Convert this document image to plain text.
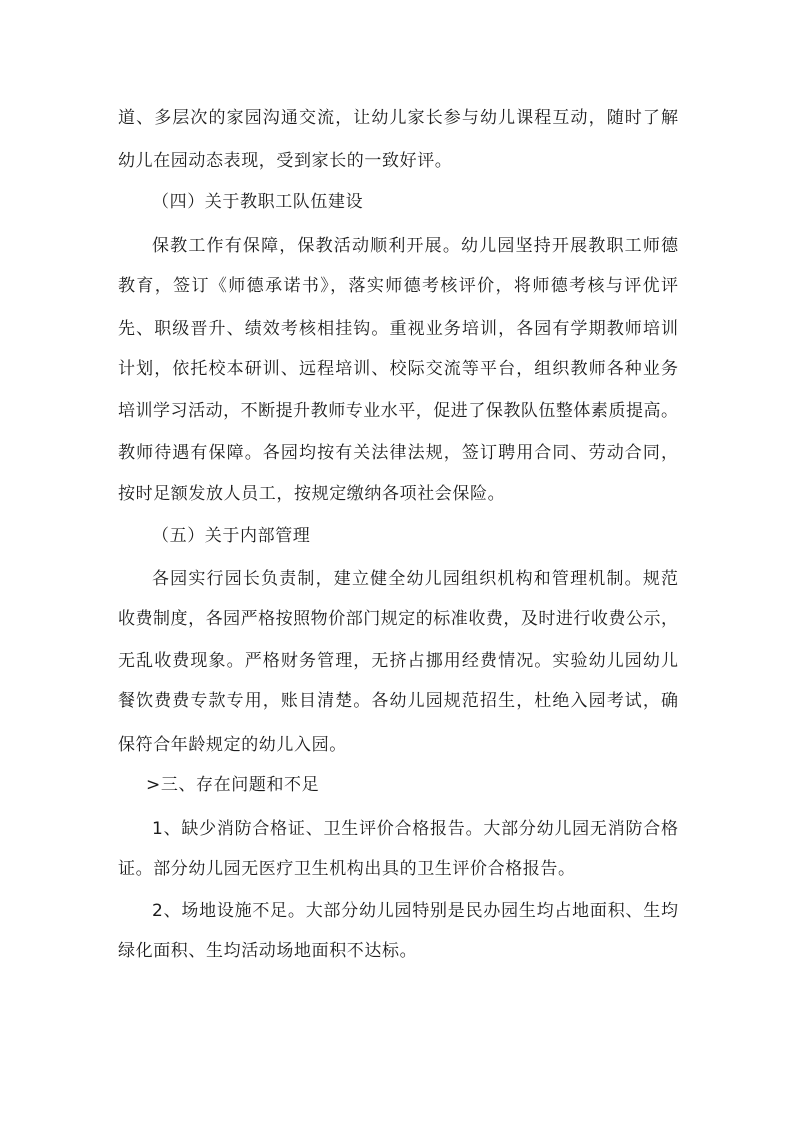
道、多层次的家园沟通交流，让幼儿家长参与幼儿课程互动，随时了解
幼儿在园动态表现，受到家长的一致好评。
（四）关于教职工队伍建设
保教工作有保障，保教活动顺利开展。幼儿园坚持开展教职工师德
教育，签订《师德承诺书》，落实师德考核评价，将师德考核与评优评
先、职级晋升、绩效考核相挂钩。重视业务培训，各园有学期教师培训
计划，依托校本研训、远程培训、校际交流等平台，组织教师各种业务
培训学习活动，不断提升教师专业水平，促进了保教队伍整体素质提高。
教师待遇有保障。各园均按有关法律法规，签订聘用合同、劳动合同，
按时足额发放人员工，按规定缴纳各项社会保险。
（五）关于内部管理
各园实行园长负责制，建立健全幼儿园组织机构和管理机制。规范
收费制度，各园严格按照物价部门规定的标准收费，及时进行收费公示，
无乱收费现象。严格财务管理，无挤占挪用经费情况。实验幼儿园幼儿
餐饮费费专款专用，账目清楚。各幼儿园规范招生，杜绝入园考试，确
保符合年龄规定的幼儿入园。
>三、存在问题和不足
1、缺少消防合格证、卫生评价合格报告。大部分幼儿园无消防合格
证。部分幼儿园无医疗卫生机构出具的卫生评价合格报告。
2、场地设施不足。大部分幼儿园特别是民办园生均占地面积、生均
绿化面积、生均活动场地面积不达标。
